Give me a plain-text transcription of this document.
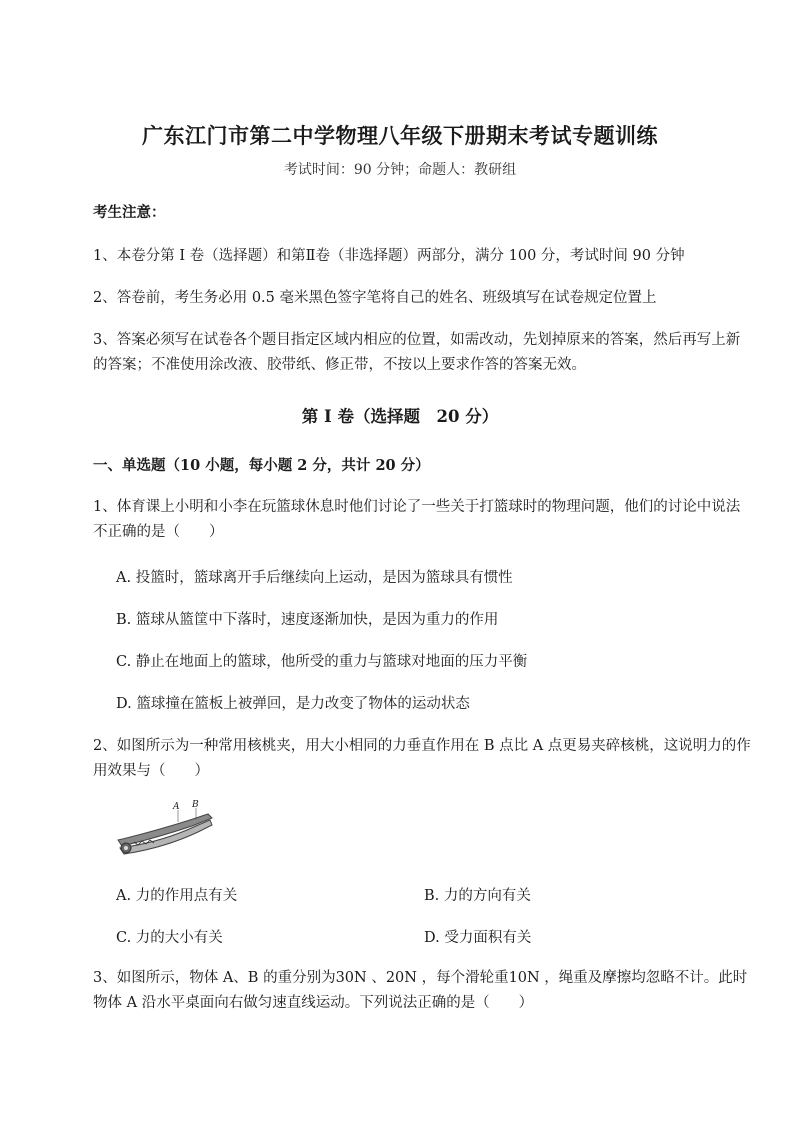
广东江门市第二中学物理八年级下册期末考试专题训练
考试时间：90 分钟；命题人：教研组
考生注意：
1、本卷分第 I 卷（选择题）和第Ⅱ卷（非选择题）两部分，满分 100 分，考试时间 90 分钟
2、答卷前，考生务必用 0.5 毫米黑色签字笔将自己的姓名、班级填写在试卷规定位置上
3、答案必须写在试卷各个题目指定区域内相应的位置，如需改动，先划掉原来的答案，然后再写上新
的答案；不准使用涂改液、胶带纸、修正带，不按以上要求作答的答案无效。
第 I 卷（选择题　20 分）
一、单选题（10 小题，每小题 2 分，共计 20 分）
1、体育课上小明和小李在玩篮球休息时他们讨论了一些关于打篮球时的物理问题，他们的讨论中说法
不正确的是（　　）
A. 投篮时，篮球离开手后继续向上运动，是因为篮球具有惯性
B. 篮球从篮筐中下落时，速度逐渐加快，是因为重力的作用
C. 静止在地面上的篮球，他所受的重力与篮球对地面的压力平衡
D. 篮球撞在篮板上被弹回，是力改变了物体的运动状态
2、如图所示为一种常用核桃夹，用大小相同的力垂直作用在 B 点比 A 点更易夹碎核桃，这说明力的作
用效果与（　　）
A B
A. 力的作用点有关	B. 力的方向有关
C. 力的大小有关	D. 受力面积有关
3、如图所示，物体 A、B 的重分别为30N 、20N ，每个滑轮重10N ，绳重及摩擦均忽略不计。此时
物体 A 沿水平桌面向右做匀速直线运动。下列说法正确的是（　　）
